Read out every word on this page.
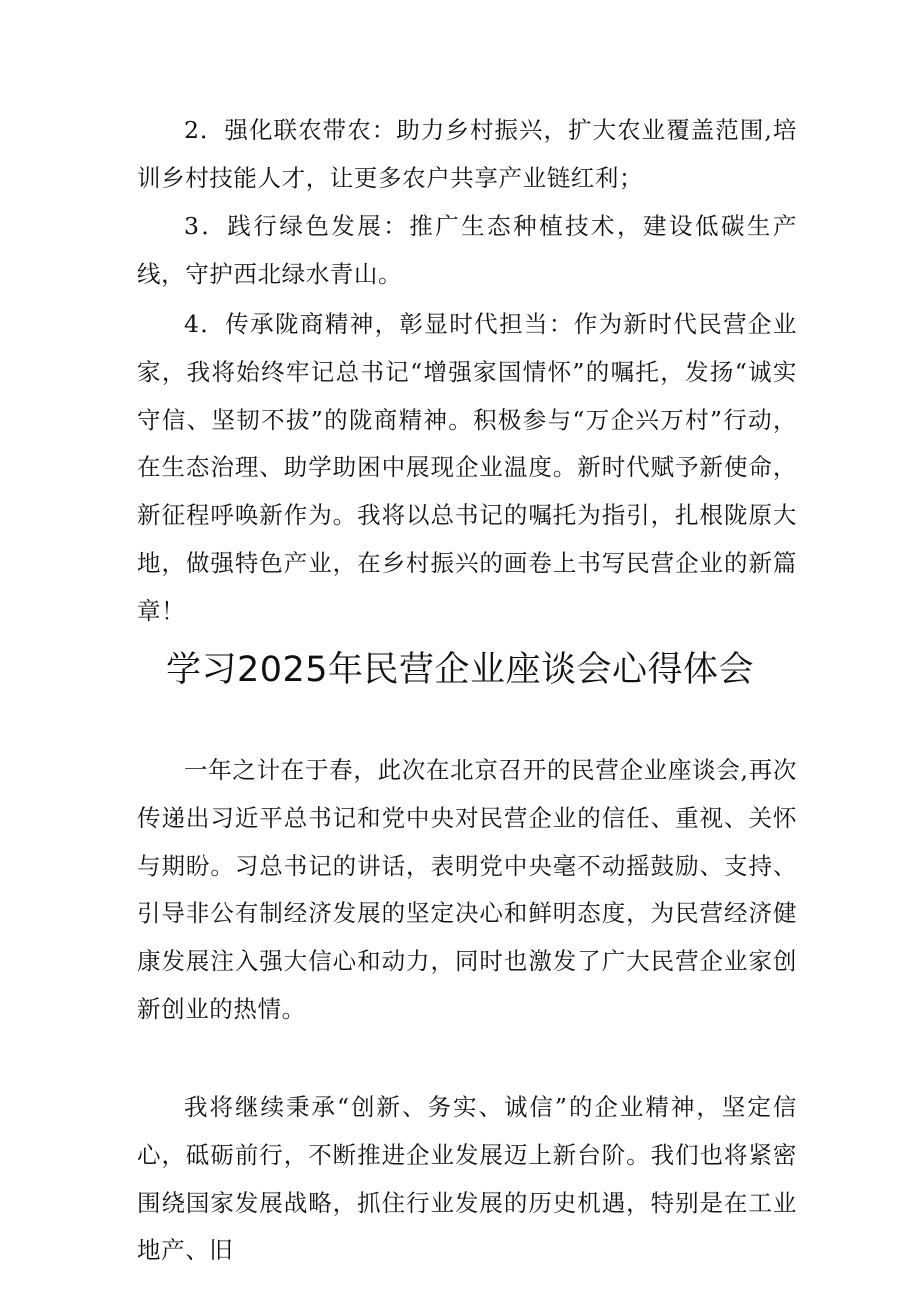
2．强化联农带农：助力乡村振兴，扩大农业覆盖范围,培训乡村技能人才，让更多农户共享产业链红利；

3．践行绿色发展：推广生态种植技术，建设低碳生产线，守护西北绿水青山。

4．传承陇商精神，彰显时代担当：作为新时代民营企业家，我将始终牢记总书记“增强家国情怀”的嘱托，发扬“诚实守信、坚韧不拔”的陇商精神。积极参与“万企兴万村”行动，在生态治理、助学助困中展现企业温度。新时代赋予新使命，新征程呼唤新作为。我将以总书记的嘱托为指引，扎根陇原大地，做强特色产业，在乡村振兴的画卷上书写民营企业的新篇章！

学习2025年民营企业座谈会心得体会

一年之计在于春，此次在北京召开的民营企业座谈会,再次传递出习近平总书记和党中央对民营企业的信任、重视、关怀与期盼。习总书记的讲话，表明党中央毫不动摇鼓励、支持、引导非公有制经济发展的坚定决心和鲜明态度，为民营经济健康发展注入强大信心和动力，同时也激发了广大民营企业家创新创业的热情。

我将继续秉承“创新、务实、诚信”的企业精神，坚定信心，砥砺前行，不断推进企业发展迈上新台阶。我们也将紧密围绕国家发展战略，抓住行业发展的历史机遇，特别是在工业地产、旧
